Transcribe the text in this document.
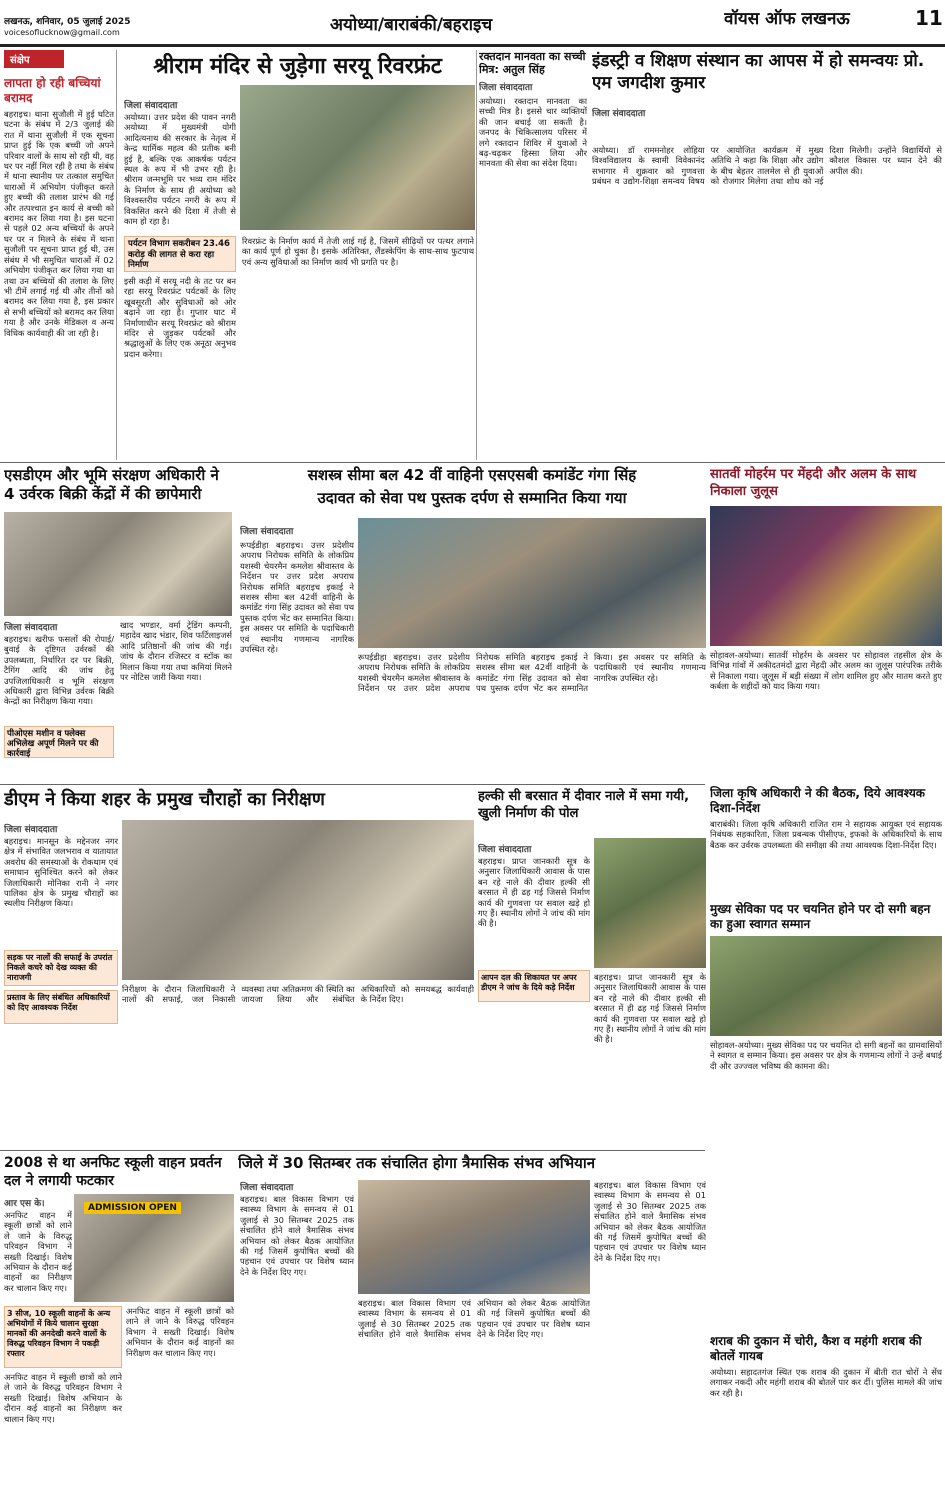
लखनऊ, शनिवार, 05 जुलाई 2025
voicesoflucknow@gmail.com	अयोध्या/बाराबंकी/बहराइच	वॉयस ऑफ लखनऊ	11
संक्षेप
लापता हो रही बच्चियां बरामद
बहराइच। थाना सुजौली में हुई घटित घटना के संबंध में 2/3 जुलाई की रात में थाना सुजौली में एक सूचना प्राप्त हुई कि एक बच्ची जो अपने परिवार वालों के साथ सो रही थी, वह घर पर नहीं मिल रही है तथा के संबंध में थाना स्थानीय पर तत्काल समुचित धाराओं में अभियोग पंजीकृत करते हुए बच्ची की तलाश प्रारंभ की गई और तत्पश्चात इन कार्य से बच्ची को बरामद कर लिया गया है। इस घटना से पहले 02 अन्य बच्चियों के अपने घर पर न मिलने के संबंध में थाना सुजौली पर सूचना प्राप्त हुई थी, उस संबंध में भी समुचित धाराओं में 02 अभियोग पंजीकृत कर लिया गया था तथा उन बच्चियों की तलाश के लिए भी टीमें लगाई गई थी और तीनों को बरामद कर लिया गया है, इस प्रकार से सभी बच्चियों को बरामद कर लिया गया है और उनके मेडिकल व अन्य विधिक कार्यवाही की जा रही है।
श्रीराम मंदिर से जुड़ेगा सरयू रिवरफ्रंट
जिला संवाददाता
अयोध्या। उत्तर प्रदेश की पावन नगरी अयोध्या में मुख्यमंत्री योगी आदित्यनाथ की सरकार के नेतृत्व में केन्द्र धार्मिक महत्व की प्रतीक बनी हुई है, बल्कि एक आकर्षक पर्यटन स्थल के रूप में भी उभर रही है। श्रीराम जन्मभूमि पर भव्य राम मंदिर के निर्माण के साथ ही अयोध्या को विश्वस्तरीय पर्यटन नगरी के रूप में विकसित करने की दिशा में तेजी से काम हो रहा है।
पर्यटन विभाग सकरीबन 23.46 करोड़ की लागत से करा रहा निर्माण
इसी कड़ी में सरयू नदी के तट पर बन रहा सरयू रिवरफ्रंट पर्यटकों के लिए खूबसूरती और सुविधाओं को ओर बढ़ाने जा रहा है। गुप्तार घाट में निर्माणाधीन सरयू रिवरफ्रंट को श्रीराम मंदिर से जुड़कर पर्यटकों और श्रद्धालुओं के लिए एक अनूठा अनुभव प्रदान करेगा।
रिवरफ्रंट के निर्माण कार्य में तेजी लाई गई है, जिसमें सीढ़ियों पर पत्थर लगाने का कार्य पूर्ण हो चुका है। इसके अतिरिक्त, लैंडस्केपिंग के साथ-साथ फुटपाथ एवं अन्य सुविधाओं का निर्माण कार्य भी प्रगति पर है।
रक्तदान मानवता का सच्ची मित्र: अतुल सिंह
जिला संवाददाता
अयोध्या। रक्तदान मानवता का सच्ची मित्र है। इससे चार व्यक्तियों की जान बचाई जा सकती है। जनपद के चिकित्सालय परिसर में लगे रक्तदान शिविर में युवाओं ने बढ़-चढ़कर हिस्सा लिया और मानवता की सेवा का संदेश दिया।
इंडस्ट्री व शिक्षण संस्थान का आपस में हो समन्वयः प्रो. एम जगदीश कुमार
जिला संवाददाता
अयोध्या। डॉ राममनोहर लोहिया विश्वविद्यालय के स्वामी विवेकानंद सभागार में शुक्रवार को गुणवत्ता प्रबंधन व उद्योग-शिक्षा समन्वय विषय पर आयोजित कार्यक्रम में मुख्य अतिथि ने कहा कि शिक्षा और उद्योग के बीच बेहतर तालमेल से ही युवाओं को रोजगार मिलेगा तथा शोध को नई दिशा मिलेगी। उन्होंने विद्यार्थियों से कौशल विकास पर ध्यान देने की अपील की।
एसडीएम और भूमि संरक्षण अधिकारी ने 4 उर्वरक बिक्री केंद्रों में की छापेमारी
जिला संवाददाता
बहराइच। खरीफ फसलों की रोपाई/बुवाई के दृष्टिगत उर्वरकों की उपलब्धता, निर्धारित दर पर बिक्री, टैगिंग आदि की जांच हेतु उपजिलाधिकारी व भूमि संरक्षण अधिकारी द्वारा विभिन्न उर्वरक बिक्री केन्द्रों का निरीक्षण किया गया।
पीओएस मशीन व फ्लेक्स अभिलेख अपूर्ण मिलने पर की कार्रवाई
खाद भण्डार, वर्मा ट्रेडिंग कम्पनी, महादेव खाद भंडार, शिव फर्टिलाइजर्स आदि प्रतिष्ठानों की जांच की गई। जांच के दौरान रजिस्टर व स्टॉक का मिलान किया गया तथा कमियां मिलने पर नोटिस जारी किया गया।
सशस्त्र सीमा बल 42 वीं वाहिनी एसएसबी कमांडेंट गंगा सिंह
उदावत को सेवा पथ पुस्तक दर्पण से सम्मानित किया गया
जिला संवाददाता
रूपईडीहा बहराइच। उत्तर प्रदेशीय अपराध निरोधक समिति के लोकप्रिय यशस्वी चेयरमैन कमलेश श्रीवास्तव के निर्देशन पर उत्तर प्रदेश अपराध निरोधक समिति बहराइच इकाई ने सशस्त्र सीमा बल 42वीं वाहिनी के कमांडेंट गंगा सिंह उदावत को सेवा पथ पुस्तक दर्पण भेंट कर सम्मानित किया। इस अवसर पर समिति के पदाधिकारी एवं स्थानीय गणमान्य नागरिक उपस्थित रहे।
रूपईडीहा बहराइच। उत्तर प्रदेशीय अपराध निरोधक समिति के लोकप्रिय यशस्वी चेयरमैन कमलेश श्रीवास्तव के निर्देशन पर उत्तर प्रदेश अपराध निरोधक समिति बहराइच इकाई ने सशस्त्र सीमा बल 42वीं वाहिनी के कमांडेंट गंगा सिंह उदावत को सेवा पथ पुस्तक दर्पण भेंट कर सम्मानित किया। इस अवसर पर समिति के पदाधिकारी एवं स्थानीय गणमान्य नागरिक उपस्थित रहे।
सातवीं मोहर्रम पर मेंहदी और अलम के साथ निकाला जुलूस
सोहावल-अयोध्या। सातवीं मोहर्रम के अवसर पर सोहावल तहसील क्षेत्र के विभिन्न गांवों में अकीदतमंदों द्वारा मेंहदी और अलम का जुलूस पारंपरिक तरीके से निकाला गया। जुलूस में बड़ी संख्या में लोग शामिल हुए और मातम करते हुए कर्बला के शहीदों को याद किया गया।
डीएम ने किया शहर के प्रमुख चौराहों का निरीक्षण
जिला संवाददाता
बहराइच। मानसून के मद्देनजर नगर क्षेत्र में संभावित जलभराव व यातायात अवरोध की समस्याओं के रोकथाम एवं समाधान सुनिश्चित करने को लेकर जिलाधिकारी मोनिका रानी ने नगर पालिका क्षेत्र के प्रमुख चौराहों का स्थलीय निरीक्षण किया।
सड़क पर नालों की सफाई के उपरांत निकले कचरे को देख व्यक्त की नाराजगी
प्रस्ताव के लिए संबंधित अधिकारियों को दिए आवश्यक निर्देश
निरीक्षण के दौरान जिलाधिकारी ने नालों की सफाई, जल निकासी व्यवस्था तथा अतिक्रमण की स्थिति का जायजा लिया और संबंधित अधिकारियों को समयबद्ध कार्यवाही के निर्देश दिए।
हल्की सी बरसात में दीवार नाले में समा गयी, खुली निर्माण की पोल
जिला संवाददाता
बहराइच। प्राप्त जानकारी सूत्र के अनुसार जिलाधिकारी आवास के पास बन रहे नाले की दीवार हल्की सी बरसात में ही ढह गई जिससे निर्माण कार्य की गुणवत्ता पर सवाल खड़े हो गए हैं। स्थानीय लोगों ने जांच की मांग की है।
आपन दल की शिकायत पर अपर डीएम ने जांच के दिये कड़े निर्देश
बहराइच। प्राप्त जानकारी सूत्र के अनुसार जिलाधिकारी आवास के पास बन रहे नाले की दीवार हल्की सी बरसात में ही ढह गई जिससे निर्माण कार्य की गुणवत्ता पर सवाल खड़े हो गए हैं। स्थानीय लोगों ने जांच की मांग की है।
जिला कृषि अधिकारी ने की बैठक, दिये आवश्यक दिशा-निर्देश
बाराबंकी। जिला कृषि अधिकारी राजित राम ने सहायक आयुक्त एवं सहायक निबंधक सहकारिता, जिला प्रबन्धक पीसीएफ, इफको के अधिकारियों के साथ बैठक कर उर्वरक उपलब्धता की समीक्षा की तथा आवश्यक दिशा-निर्देश दिए।
मुख्य सेविका पद पर चयनित होने पर दो सगी बहन का हुआ स्वागत सम्मान
सोहावल-अयोध्या। मुख्य सेविका पद पर चयनित दो सगी बहनों का ग्रामवासियों ने स्वागत व सम्मान किया। इस अवसर पर क्षेत्र के गणमान्य लोगों ने उन्हें बधाई दी और उज्ज्वल भविष्य की कामना की।
2008 से था अनफिट स्कूली वाहन प्रवर्तन दल ने लगायी फटकार
आर एस के।	ADMISSION OPEN
अनफिट वाहन में स्कूली छात्रों को लाने ले जाने के विरुद्ध परिवहन विभाग ने सख्ती दिखाई। विशेष अभियान के दौरान कई वाहनों का निरीक्षण कर चालान किए गए।
3 सीज, 10 स्कूली वाहनों के अन्य अभियोगों में किये चालान सुरक्षा मानकों की अनदेखी करने वालों के विरुद्ध परिवहन विभाग ने पकड़ी रफ्तार
अनफिट वाहन में स्कूली छात्रों को लाने ले जाने के विरुद्ध परिवहन विभाग ने सख्ती दिखाई। विशेष अभियान के दौरान कई वाहनों का निरीक्षण कर चालान किए गए।
अनफिट वाहन में स्कूली छात्रों को लाने ले जाने के विरुद्ध परिवहन विभाग ने सख्ती दिखाई। विशेष अभियान के दौरान कई वाहनों का निरीक्षण कर चालान किए गए।
जिले में 30 सितम्बर तक संचालित होगा त्रैमासिक संभव अभियान
जिला संवाददाता
बहराइच। बाल विकास विभाग एवं स्वास्थ्य विभाग के समन्वय से 01 जुलाई से 30 सितम्बर 2025 तक संचालित होने वाले त्रैमासिक संभव अभियान को लेकर बैठक आयोजित की गई जिसमें कुपोषित बच्चों की पहचान एवं उपचार पर विशेष ध्यान देने के निर्देश दिए गए।
बहराइच। बाल विकास विभाग एवं स्वास्थ्य विभाग के समन्वय से 01 जुलाई से 30 सितम्बर 2025 तक संचालित होने वाले त्रैमासिक संभव अभियान को लेकर बैठक आयोजित की गई जिसमें कुपोषित बच्चों की पहचान एवं उपचार पर विशेष ध्यान देने के निर्देश दिए गए।
बहराइच। बाल विकास विभाग एवं स्वास्थ्य विभाग के समन्वय से 01 जुलाई से 30 सितम्बर 2025 तक संचालित होने वाले त्रैमासिक संभव अभियान को लेकर बैठक आयोजित की गई जिसमें कुपोषित बच्चों की पहचान एवं उपचार पर विशेष ध्यान देने के निर्देश दिए गए।
शराब की दुकान में चोरी, कैश व महंगी शराब की बोतलें गायब
अयोध्या। सहादतगंज स्थित एक शराब की दुकान में बीती रात चोरों ने सेंध लगाकर नकदी और महंगी शराब की बोतलें पार कर दीं। पुलिस मामले की जांच कर रही है।
